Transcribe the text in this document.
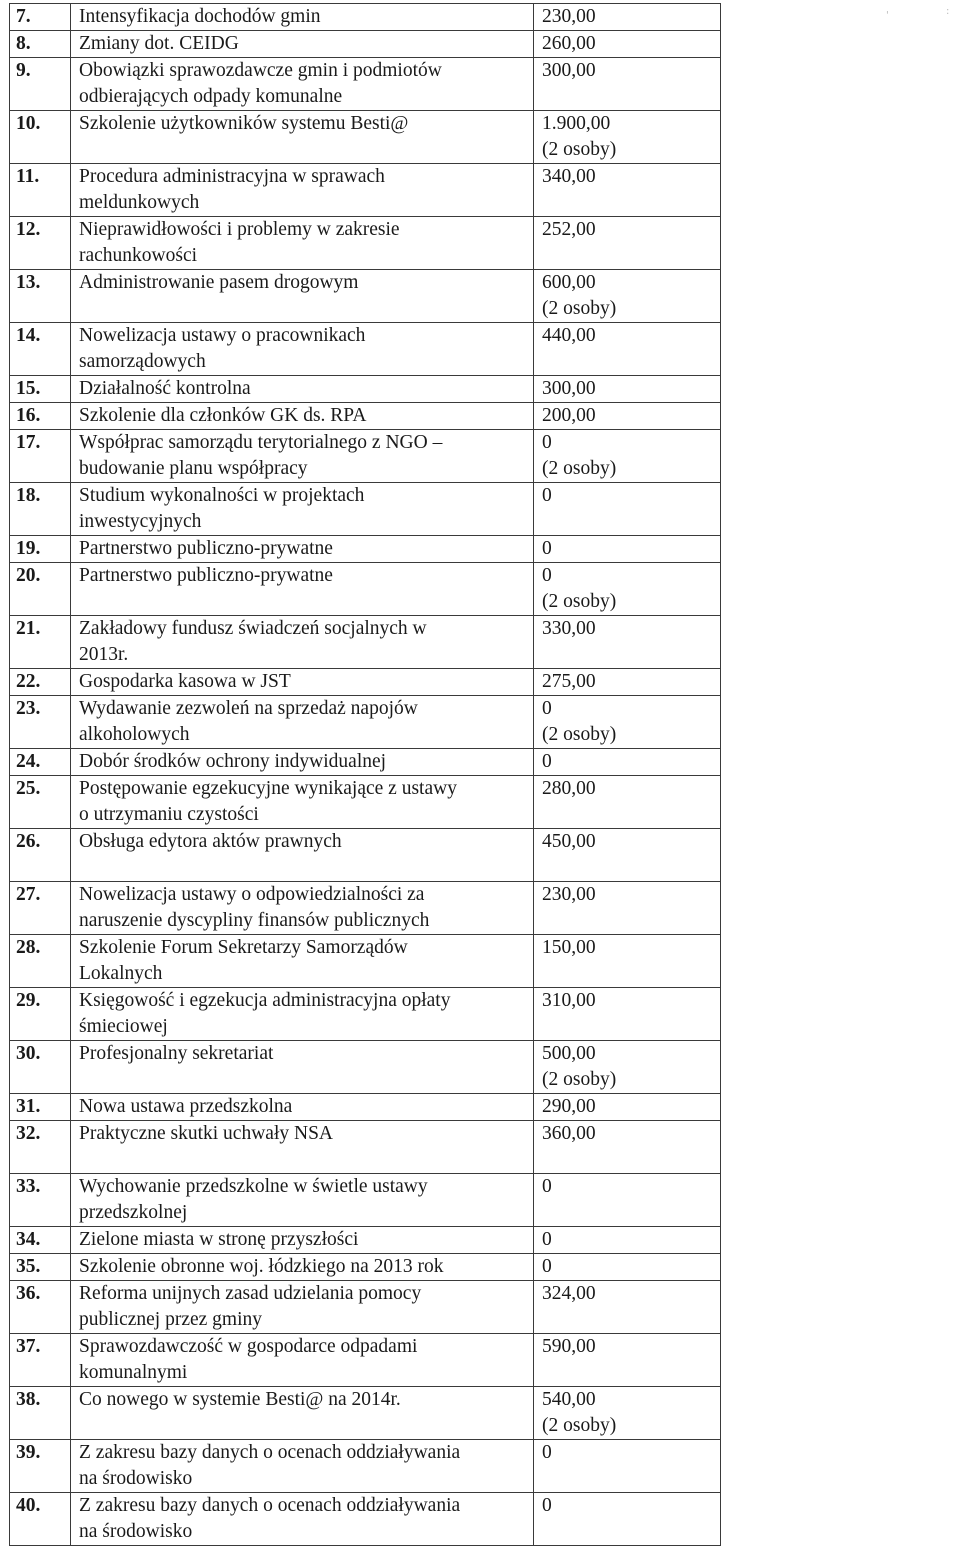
7.	Intensyfikacja dochodów gmin	230,00
8.	Zmiany dot. CEIDG	260,00
9.	Obowiązki sprawozdawcze gmin i podmiotów
odbierających odpady komunalne	300,00
10.	Szkolenie użytkowników systemu Besti@	1.900,00
(2 osoby)
11.	Procedura administracyjna w sprawach
meldunkowych	340,00
12.	Nieprawidłowości i problemy w zakresie
rachunkowości	252,00
13.	Administrowanie pasem drogowym	600,00
(2 osoby)
14.	Nowelizacja ustawy o pracownikach
samorządowych	440,00
15.	Działalność kontrolna	300,00
16.	Szkolenie dla członków GK ds. RPA	200,00
17.	Współprac samorządu terytorialnego z NGO –
budowanie planu współpracy	0
(2 osoby)
18.	Studium wykonalności w projektach
inwestycyjnych	0
19.	Partnerstwo publiczno-prywatne	0
20.	Partnerstwo publiczno-prywatne	0
(2 osoby)
21.	Zakładowy fundusz świadczeń socjalnych w
2013r.	330,00
22.	Gospodarka kasowa w JST	275,00
23.	Wydawanie zezwoleń na sprzedaż napojów
alkoholowych	0
(2 osoby)
24.	Dobór środków ochrony indywidualnej	0
25.	Postępowanie egzekucyjne wynikające z ustawy
o utrzymaniu czystości	280,00
26.	Obsługa edytora aktów prawnych	450,00
27.	Nowelizacja ustawy o odpowiedzialności za
naruszenie dyscypliny finansów publicznych	230,00
28.	Szkolenie Forum Sekretarzy Samorządów
Lokalnych	150,00
29.	Księgowość i egzekucja administracyjna opłaty
śmieciowej	310,00
30.	Profesjonalny sekretariat	500,00
(2 osoby)
31.	Nowa ustawa przedszkolna	290,00
32.	Praktyczne skutki uchwały NSA	360,00
33.	Wychowanie przedszkolne w świetle ustawy
przedszkolnej	0
34.	Zielone miasta w stronę przyszłości	0
35.	Szkolenie obronne woj. łódzkiego na 2013 rok	0
36.	Reforma unijnych zasad udzielania pomocy
publicznej przez gminy	324,00
37.	Sprawozdawczość w gospodarce odpadami
komunalnymi	590,00
38.	Co nowego w systemie Besti@ na 2014r.	540,00
(2 osoby)
39.	Z zakresu bazy danych o ocenach oddziaływania
na środowisko	0
40.	Z zakresu bazy danych o ocenach oddziaływania
na środowisko	0
'	:
